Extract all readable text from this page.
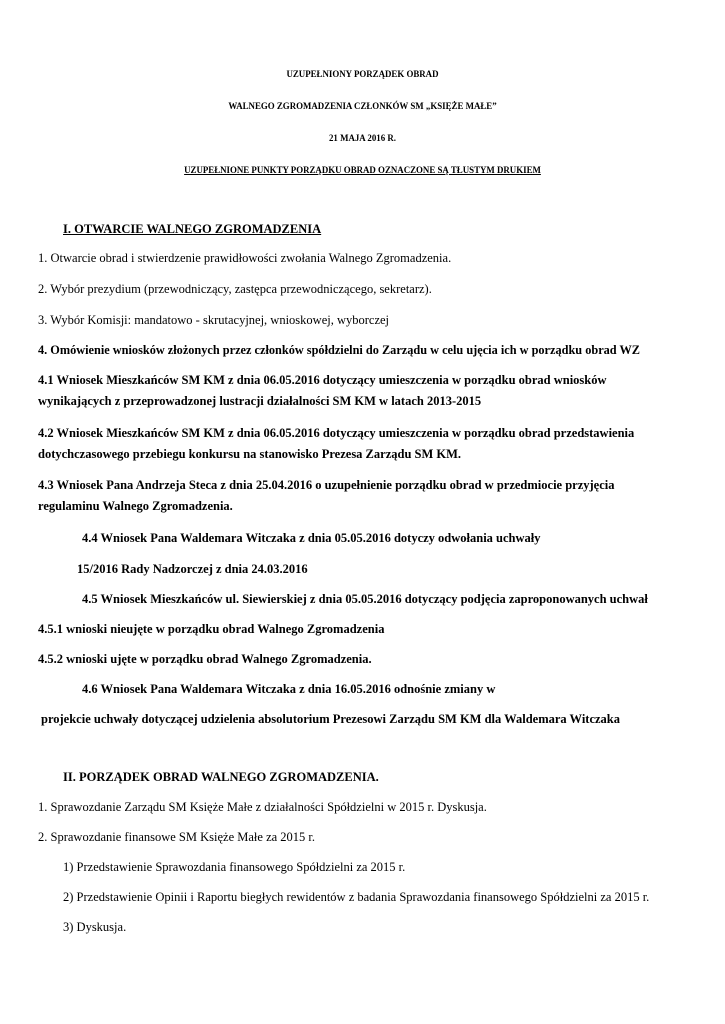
UZUPEŁNIONY PORZĄDEK OBRAD

WALNEGO ZGROMADZENIA CZŁONKÓW SM „KSIĘŻE MAŁE”

21 MAJA 2016 R.

UZUPEŁNIONE PUNKTY PORZĄDKU OBRAD OZNACZONE SĄ TŁUSTYM DRUKIEM

I. OTWARCIE WALNEGO ZGROMADZENIA

1. Otwarcie obrad i stwierdzenie prawidłowości zwołania Walnego Zgromadzenia.

2. Wybór prezydium (przewodniczący, zastępca przewodniczącego, sekretarz).

3. Wybór Komisji: mandatowo - skrutacyjnej, wnioskowej, wyborczej

4. Omówienie wniosków złożonych przez członków spółdzielni do Zarządu w celu ujęcia ich w porządku obrad WZ

4.1 Wniosek Mieszkańców SM KM z dnia 06.05.2016 dotyczący umieszczenia w porządku obrad wniosków

wynikających z przeprowadzonej lustracji działalności SM KM w latach 2013-2015

4.2 Wniosek Mieszkańców SM KM z dnia 06.05.2016 dotyczący umieszczenia w porządku obrad przedstawienia

dotychczasowego przebiegu konkursu na stanowisko Prezesa Zarządu SM KM.

4.3 Wniosek Pana Andrzeja Steca z dnia 25.04.2016 o uzupełnienie porządku obrad w przedmiocie przyjęcia

regulaminu Walnego Zgromadzenia.

4.4 Wniosek Pana Waldemara Witczaka z dnia 05.05.2016 dotyczy odwołania uchwały

15/2016 Rady Nadzorczej z dnia 24.03.2016

4.5 Wniosek Mieszkańców ul. Siewierskiej z dnia 05.05.2016 dotyczący podjęcia zaproponowanych uchwał

4.5.1 wnioski nieujęte w porządku obrad Walnego Zgromadzenia

4.5.2 wnioski ujęte w porządku obrad Walnego Zgromadzenia.

4.6 Wniosek Pana Waldemara Witczaka z dnia 16.05.2016 odnośnie zmiany w

projekcie uchwały dotyczącej udzielenia absolutorium Prezesowi Zarządu SM KM dla Waldemara Witczaka

II. PORZĄDEK OBRAD WALNEGO ZGROMADZENIA.

1. Sprawozdanie Zarządu SM Księże Małe z działalności Spółdzielni w 2015 r. Dyskusja.

2. Sprawozdanie finansowe SM Księże Małe za 2015 r.

1) Przedstawienie Sprawozdania finansowego Spółdzielni za 2015 r.

2) Przedstawienie Opinii i Raportu biegłych rewidentów z badania Sprawozdania finansowego Spółdzielni za 2015 r.

3) Dyskusja.
